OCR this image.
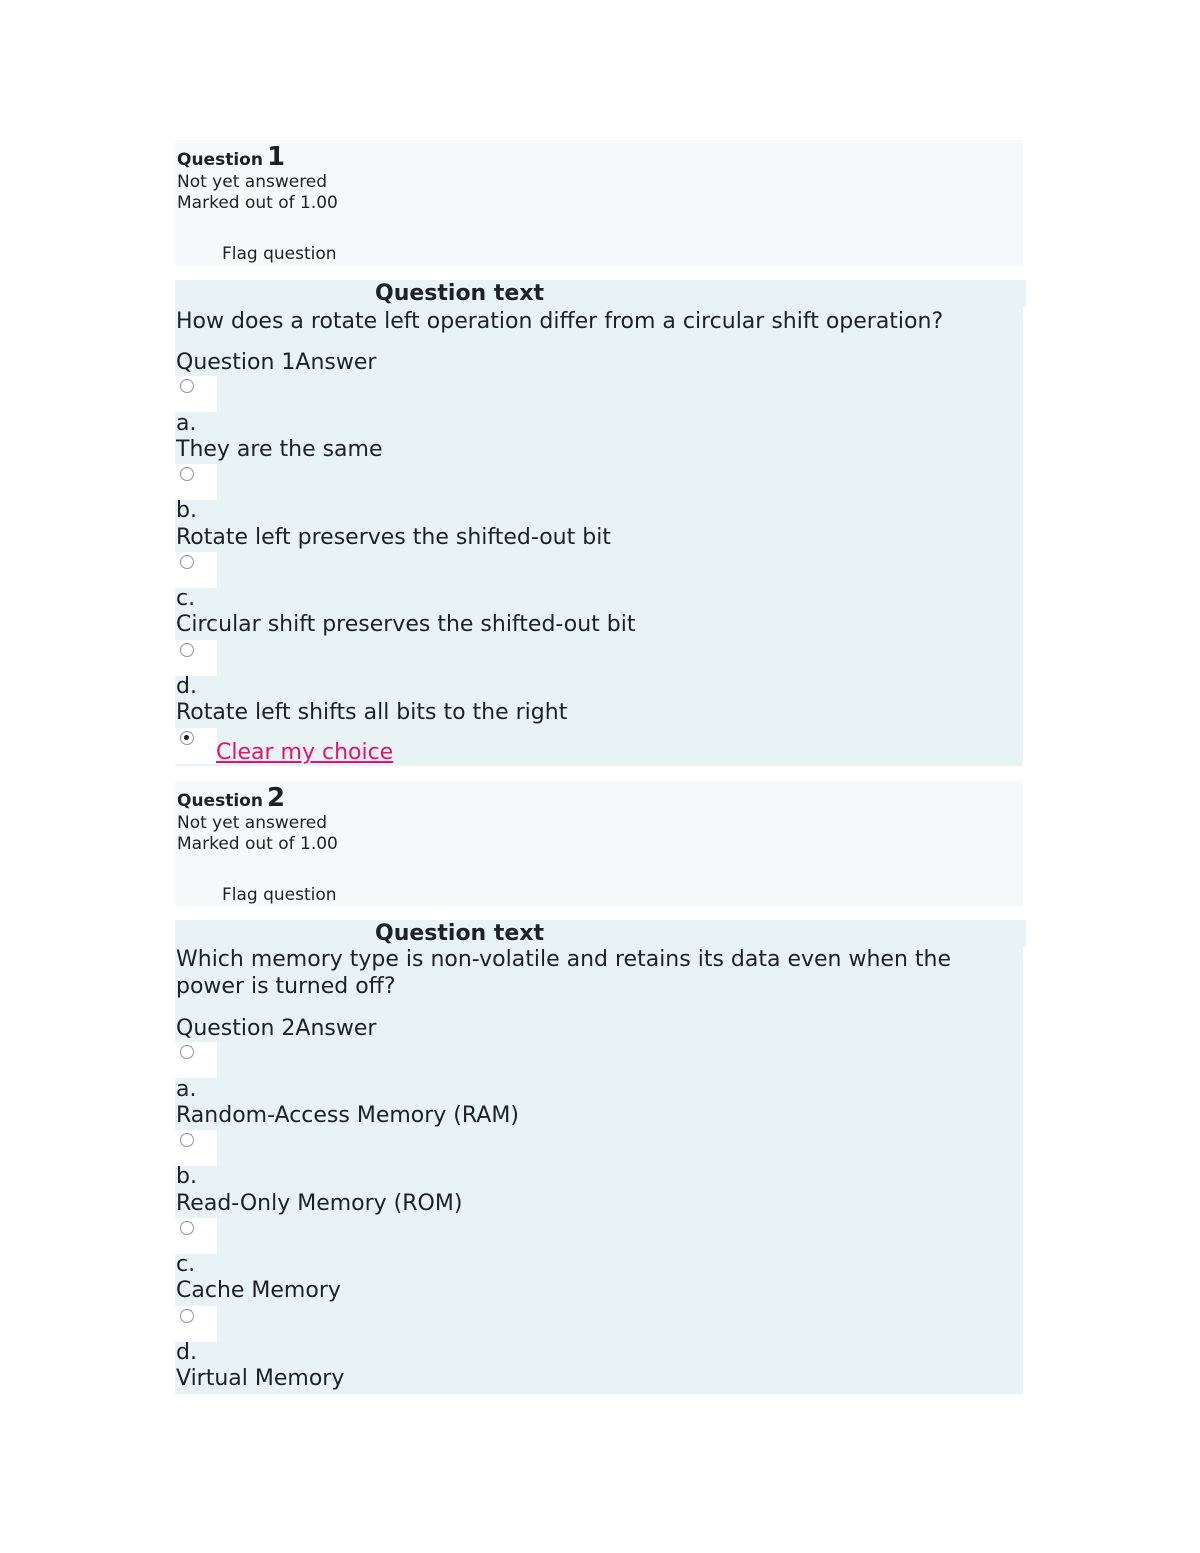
Question 1
Not yet answered
Marked out of 1.00
Flag question
Question text
How does a rotate left operation differ from a circular shift operation?
Question 1Answer
a.
They are the same
b.
Rotate left preserves the shifted-out bit
c.
Circular shift preserves the shifted-out bit
d.
Rotate left shifts all bits to the right
Clear my choice
Question 2
Not yet answered
Marked out of 1.00
Flag question
Question text
Which memory type is non-volatile and retains its data even when the power is turned off?
Question 2Answer
a.
Random-Access Memory (RAM)
b.
Read-Only Memory (ROM)
c.
Cache Memory
d.
Virtual Memory
